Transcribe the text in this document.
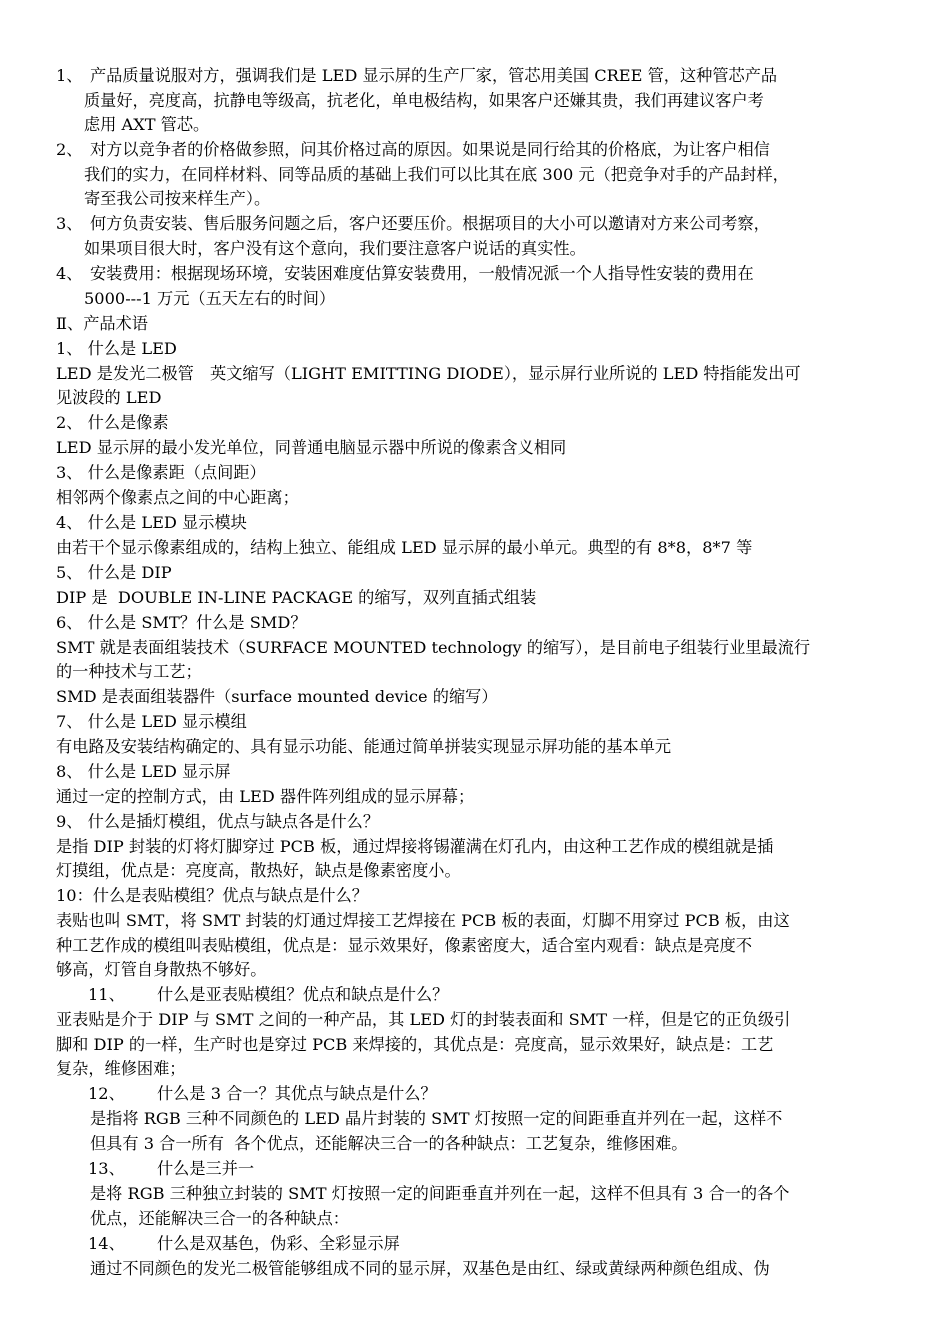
1、 产品质量说服对方，强调我们是 LED 显示屏的生产厂家，管芯用美国 CREE 管，这种管芯产品
质量好，亮度高，抗静电等级高，抗老化，单电极结构，如果客户还嫌其贵，我们再建议客户考
虑用 AXT 管芯。
2、 对方以竞争者的价格做参照，问其价格过高的原因。如果说是同行给其的价格底，为让客户相信
我们的实力，在同样材料、同等品质的基础上我们可以比其在底 300 元（把竞争对手的产品封样，
寄至我公司按来样生产）。
3、 何方负责安装、售后服务问题之后，客户还要压价。根据项目的大小可以邀请对方来公司考察，
如果项目很大时，客户没有这个意向，我们要注意客户说话的真实性。
4、 安装费用：根据现场环境，安装困难度估算安装费用，一般情况派一个人指导性安装的费用在
5000---1 万元（五天左右的时间）
Ⅱ、产品术语
1、 什么是 LED
LED 是发光二极管　英文缩写（LIGHT EMITTING DIODE），显示屏行业所说的 LED 特指能发出可
见波段的 LED
2、 什么是像素
LED 显示屏的最小发光单位，同普通电脑显示器中所说的像素含义相同
3、 什么是像素距（点间距）
相邻两个像素点之间的中心距离；
4、 什么是 LED 显示模块
由若干个显示像素组成的，结构上独立、能组成 LED 显示屏的最小单元。典型的有 8*8，8*7 等
5、 什么是 DIP
DIP 是  DOUBLE IN-LINE PACKAGE 的缩写，双列直插式组装
6、 什么是 SMT？什么是 SMD？
SMT 就是表面组装技术（SURFACE MOUNTED technology 的缩写），是目前电子组装行业里最流行
的一种技术与工艺；
SMD 是表面组装器件（surface mounted device 的缩写）
7、 什么是 LED 显示模组
有电路及安装结构确定的、具有显示功能、能通过简单拼装实现显示屏功能的基本单元
8、 什么是 LED 显示屏
通过一定的控制方式，由 LED 器件阵列组成的显示屏幕；
9、 什么是插灯模组，优点与缺点各是什么？
是指 DIP 封装的灯将灯脚穿过 PCB 板，通过焊接将锡灌满在灯孔内，由这种工艺作成的模组就是插
灯摸组，优点是：亮度高，散热好，缺点是像素密度小。
10：什么是表贴模组？优点与缺点是什么？
表贴也叫 SMT，将 SMT 封装的灯通过焊接工艺焊接在 PCB 板的表面，灯脚不用穿过 PCB 板，由这
种工艺作成的模组叫表贴模组，优点是：显示效果好，像素密度大，适合室内观看：缺点是亮度不
够高，灯管自身散热不够好。
11、 什么是亚表贴模组？优点和缺点是什么？
亚表贴是介于 DIP 与 SMT 之间的一种产品，其 LED 灯的封装表面和 SMT 一样，但是它的正负级引
脚和 DIP 的一样，生产时也是穿过 PCB 来焊接的，其优点是：亮度高，显示效果好，缺点是：工艺
复杂，维修困难；
12、 什么是 3 合一？其优点与缺点是什么？
是指将 RGB 三种不同颜色的 LED 晶片封装的 SMT 灯按照一定的间距垂直并列在一起，这样不
但具有 3 合一所有  各个优点，还能解决三合一的各种缺点：工艺复杂，维修困难。
13、 什么是三并一
是将 RGB 三种独立封装的 SMT 灯按照一定的间距垂直并列在一起，这样不但具有 3 合一的各个
优点，还能解决三合一的各种缺点：
14、 什么是双基色，伪彩、全彩显示屏
通过不同颜色的发光二极管能够组成不同的显示屏，双基色是由红、绿或黄绿两种颜色组成、伪
